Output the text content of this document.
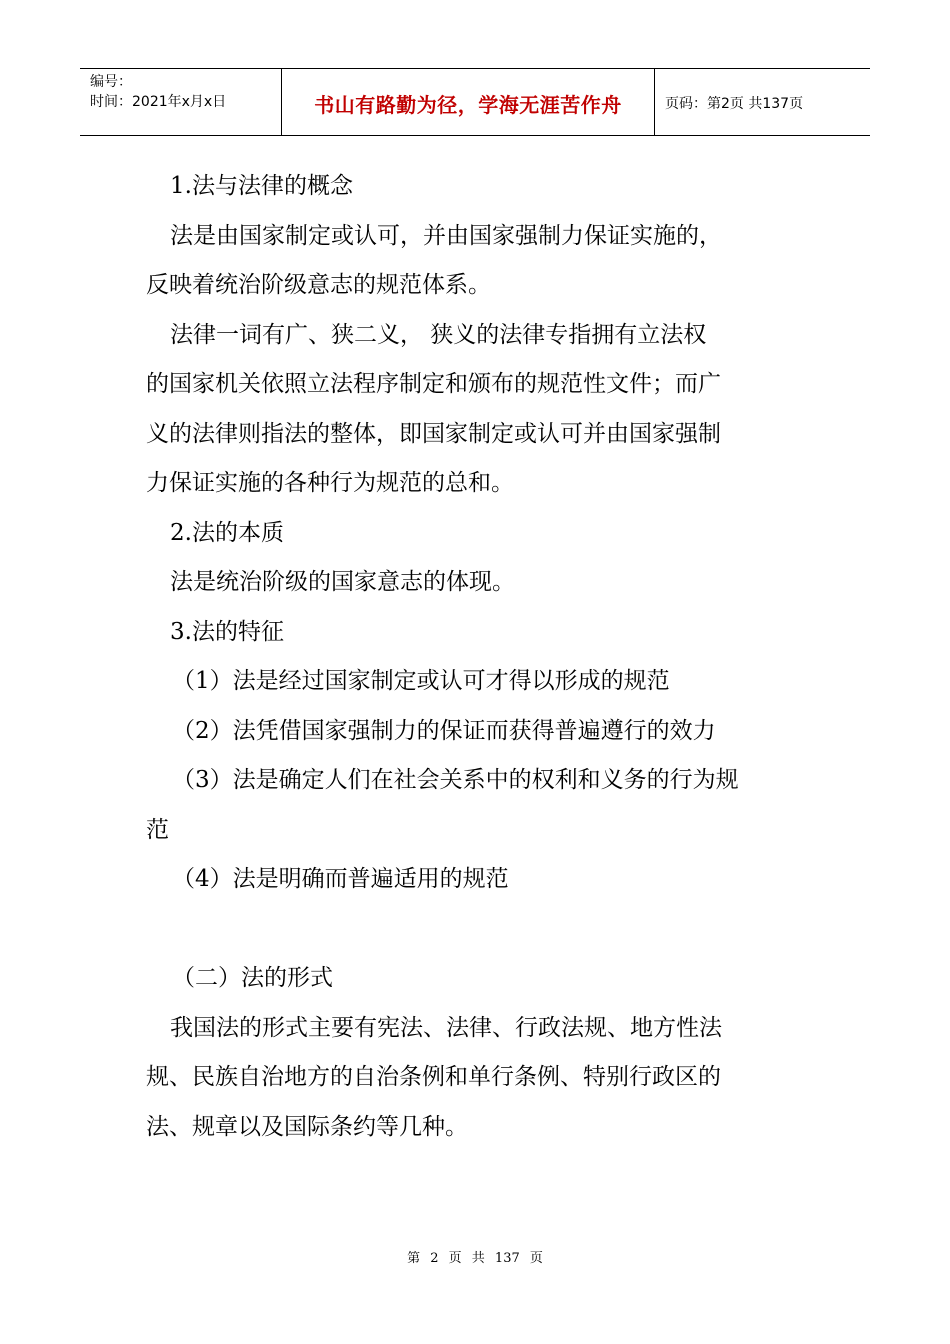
编号：
时间：2021年x月x日	书山有路勤为径，学海无涯苦作舟	页码：第2页 共137页

1.法与法律的概念

法是由国家制定或认可，并由国家强制力保证实施的，

反映着统治阶级意志的规范体系。

法律一词有广、狭二义， 狭义的法律专指拥有立法权

的国家机关依照立法程序制定和颁布的规范性文件；而广

义的法律则指法的整体，即国家制定或认可并由国家强制

力保证实施的各种行为规范的总和。

2.法的本质

法是统治阶级的国家意志的体现。

3.法的特征

（1）法是经过国家制定或认可才得以形成的规范

（2）法凭借国家强制力的保证而获得普遍遵行的效力

（3）法是确定人们在社会关系中的权利和义务的行为规

范

（4）法是明确而普遍适用的规范

（二）法的形式

我国法的形式主要有宪法、法律、行政法规、地方性法

规、民族自治地方的自治条例和单行条例、特别行政区的

法、规章以及国际条约等几种。

第 2 页 共 137 页
